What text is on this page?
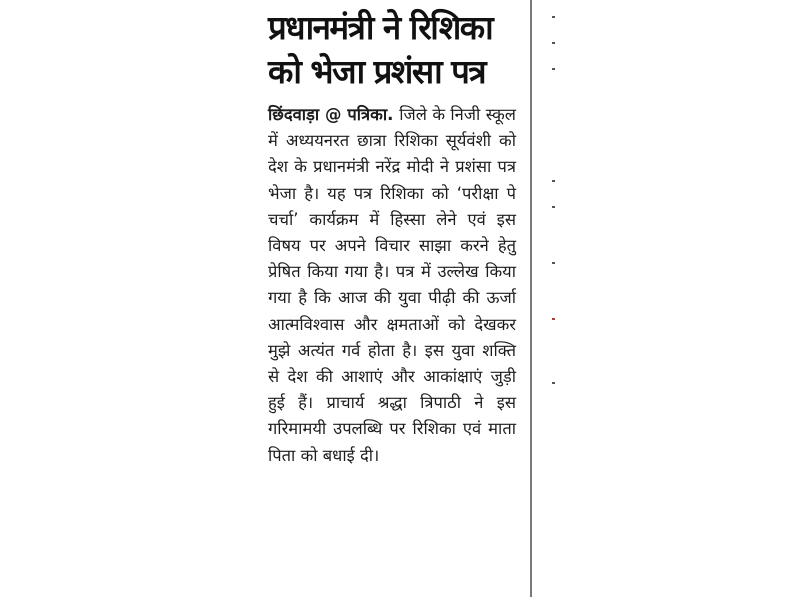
प्रधानमंत्री ने रिशिका
को भेजा प्रशंसा पत्र

छिंदवाड़ा @ पत्रिका. जिले के निजी स्कूल में अध्ययनरत छात्रा रिशिका सूर्यवंशी को देश के प्रधानमंत्री नरेंद्र मोदी ने प्रशंसा पत्र भेजा है। यह पत्र रिशिका को ‘परीक्षा पे चर्चा’ कार्यक्रम में हिस्सा लेने एवं इस विषय पर अपने विचार साझा करने हेतु प्रेषित किया गया है। पत्र में उल्लेख किया गया है कि आज की युवा पीढ़ी की ऊर्जा आत्मविश्वास और क्षमताओं को देखकर मुझे अत्यंत गर्व होता है। इस युवा शक्ति से देश की आशाएं और आकांक्षाएं जुड़ी हुई हैं। प्राचार्य श्रद्धा त्रिपाठी ने इस गरिमामयी उपलब्धि पर रिशिका एवं माता पिता को बधाई दी।
